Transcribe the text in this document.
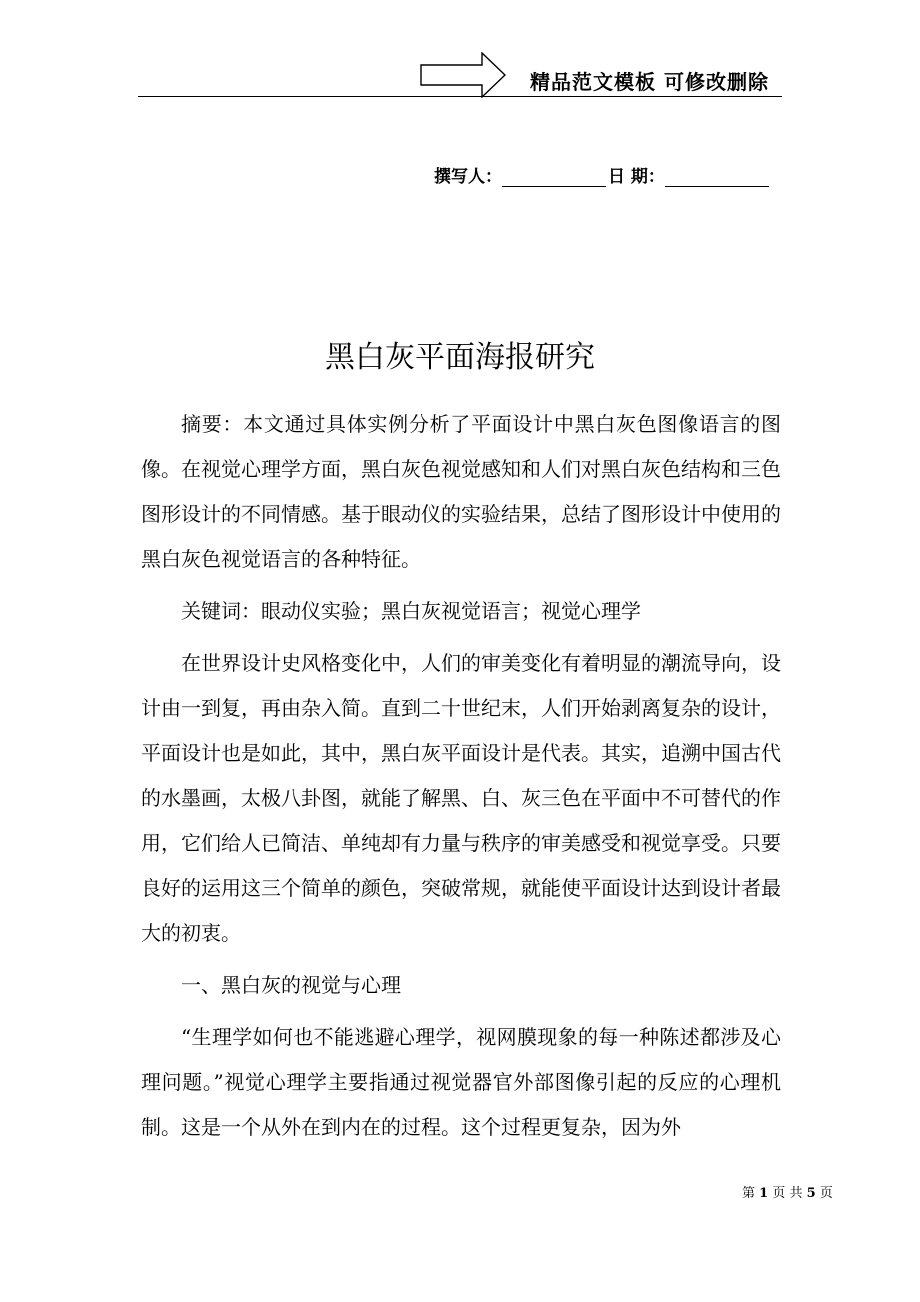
精品范文模板 可修改删除
撰写人：	日 期：
黑白灰平面海报研究

摘要：本文通过具体实例分析了平面设计中黑白灰色图像语言的图像。在视觉心理学方面，黑白灰色视觉感知和人们对黑白灰色结构和三色图形设计的不同情感。基于眼动仪的实验结果，总结了图形设计中使用的黑白灰色视觉语言的各种特征。

关键词：眼动仪实验；黑白灰视觉语言；视觉心理学

在世界设计史风格变化中，人们的审美变化有着明显的潮流导向，设计由一到复，再由杂入简。直到二十世纪末，人们开始剥离复杂的设计，平面设计也是如此，其中，黑白灰平面设计是代表。其实，追溯中国古代的水墨画，太极八卦图，就能了解黑、白、灰三色在平面中不可替代的作用，它们给人已简洁、单纯却有力量与秩序的审美感受和视觉享受。只要良好的运用这三个简单的颜色，突破常规，就能使平面设计达到设计者最大的初衷。

一、黑白灰的视觉与心理

“生理学如何也不能逃避心理学，视网膜现象的每一种陈述都涉及心理问题。”视觉心理学主要指通过视觉器官外部图像引起的反应的心理机制。这是一个从外在到内在的过程。这个过程更复杂，因为外

第 1 页 共 5 页
